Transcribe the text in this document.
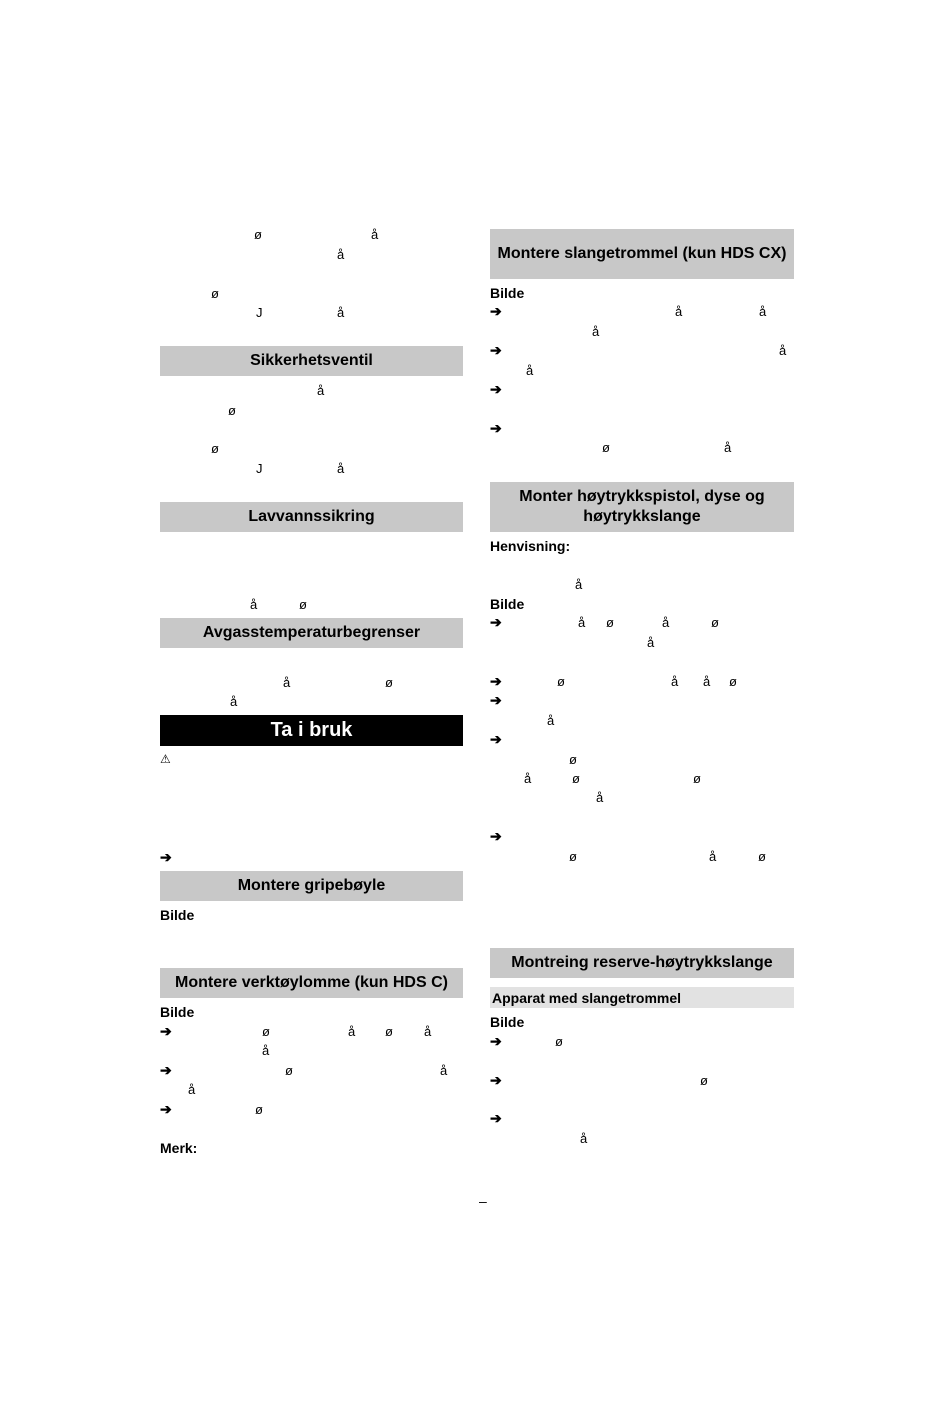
ø	å
å
ø
J	å
Sikkerhetsventil
å
ø
ø
J	å
Lavvannssikring
å	ø
Avgasstemperaturbegrenser
å	ø
å
Ta i bruk
⚠
➔
Montere gripebøyle
Bilde
Montere verktøylomme (kun HDS C)
Bilde
➔	ø	å ø å
å
➔	ø	å
å
➔	ø
Merk:
Montere slangetrommel (kun HDS CX)
Bilde
➔	å	å
å
➔	å
å
➔
➔
ø	å
Monter høytrykkspistol, dyse og høytrykkslange
Henvisning:
å
Bilde
➔	å ø	å	ø
å
➔	ø	å å ø
➔
å
➔
ø
å	ø	ø
å
➔
ø	å	ø
Montreing reserve-høytrykkslange
Apparat med slangetrommel
Bilde
➔	ø
➔	ø
➔
å
–
